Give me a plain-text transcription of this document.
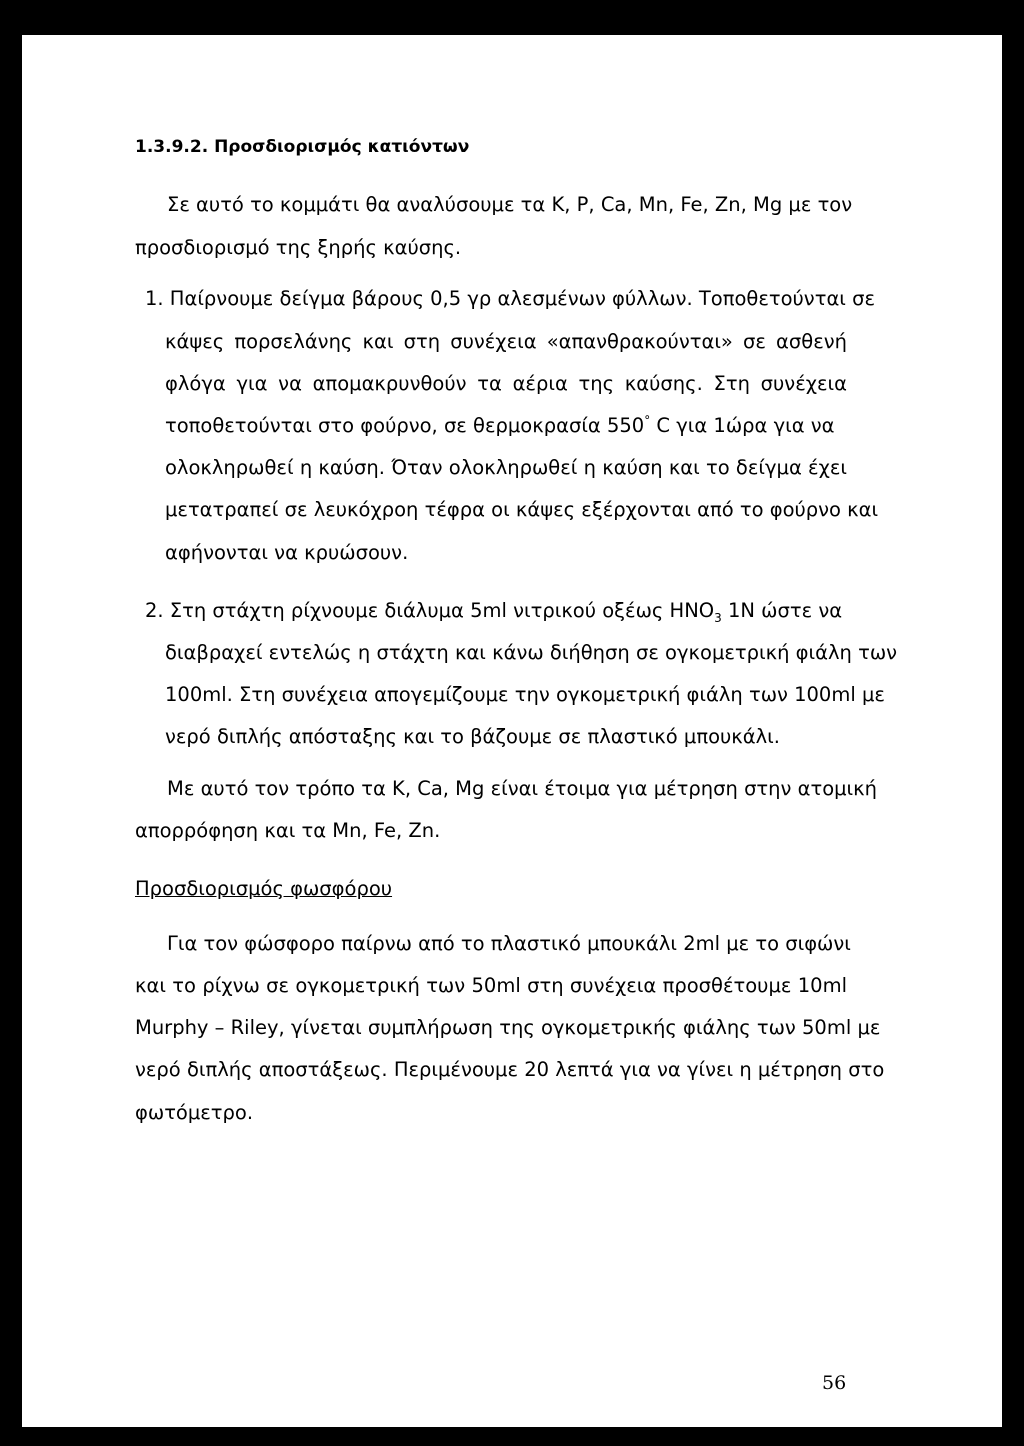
1.3.9.2. Προσδιορισμός κατιόντων
Σε αυτό το κομμάτι θα αναλύσουμε τα K, P, Ca, Mn, Fe, Zn, Mg με τον
προσδιορισμό της ξηρής καύσης.
1. Παίρνουμε δείγμα βάρους 0,5 γρ αλεσμένων φύλλων. Τοποθετούνται σε
κάψες πορσελάνης και στη συνέχεια «απανθρακούνται» σε ασθενή
φλόγα για να απομακρυνθούν τα αέρια της καύσης. Στη συνέχεια
τοποθετούνται στο φούρνο, σε θερμοκρασία 550° C για 1ώρα για να
ολοκληρωθεί η καύση. Όταν ολοκληρωθεί η καύση και το δείγμα έχει
μετατραπεί σε λευκόχροη τέφρα οι κάψες εξέρχονται από το φούρνο και
αφήνονται να κρυώσουν.
2. Στη στάχτη ρίχνουμε διάλυμα 5ml νιτρικού οξέως $HNO_3$ 1N ώστε να
διαβραχεί εντελώς η στάχτη και κάνω διήθηση σε ογκομετρική φιάλη των
100ml. Στη συνέχεια απογεμίζουμε την ογκομετρική φιάλη των 100ml με
νερό διπλής απόσταξης και το βάζουμε σε πλαστικό μπουκάλι.
Με αυτό τον τρόπο τα K, Ca, Mg είναι έτοιμα για μέτρηση στην ατομική
απορρόφηση και τα Mn, Fe, Zn.
Προσδιορισμός φωσφόρου
Για τον φώσφορο παίρνω από το πλαστικό μπουκάλι 2ml με το σιφώνι
και το ρίχνω σε ογκομετρική των 50ml στη συνέχεια προσθέτουμε 10ml
Murphy – Riley, γίνεται συμπλήρωση της ογκομετρικής φιάλης των 50ml με
νερό διπλής αποστάξεως. Περιμένουμε 20 λεπτά για να γίνει η μέτρηση στο
φωτόμετρο.
56
